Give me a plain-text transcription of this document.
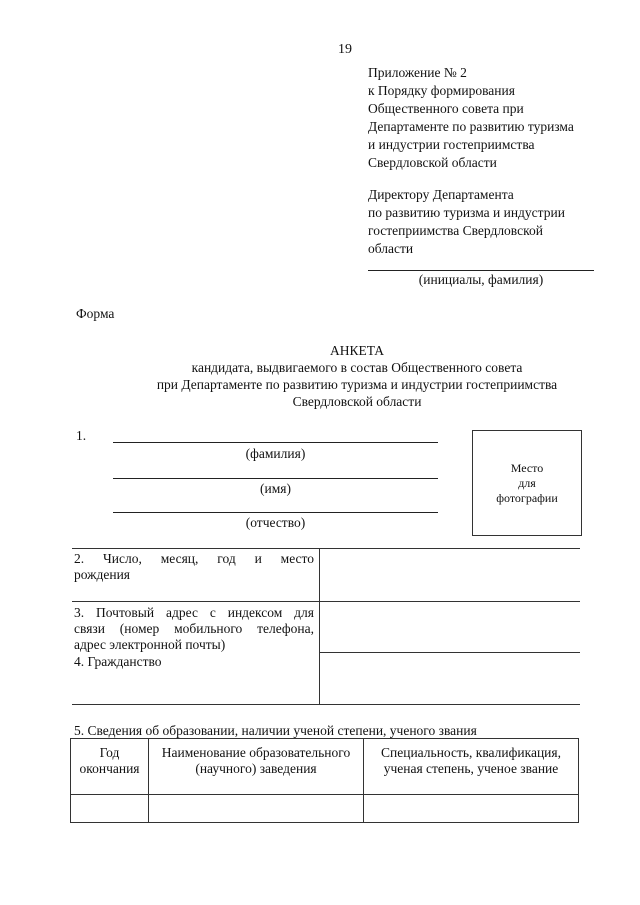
19
Приложение № 2
к Порядку формирования
Общественного совета при
Департаменте по развитию туризма
и индустрии гостеприимства
Свердловской области
Директору Департамента
по развитию туризма и индустрии
гостеприимства Свердловской
области
(инициалы, фамилия)
Форма
АНКЕТА
кандидата, выдвигаемого в состав Общественного совета
при Департаменте по развитию туризма и индустрии гостеприимства
Свердловской области
1.
(фамилия)
(имя)
(отчество)
Место
для
фотографии
2. Число, месяц, год и место
рождения
3. Почтовый адрес с индексом для
связи (номер мобильного телефона,
адрес электронной почты)
4. Гражданство
5. Сведения об образовании, наличии ученой степени, ученого звания
Год окончания	Наименование образовательного (научного) заведения	Специальность, квалификация, ученая степень, ученое звание
